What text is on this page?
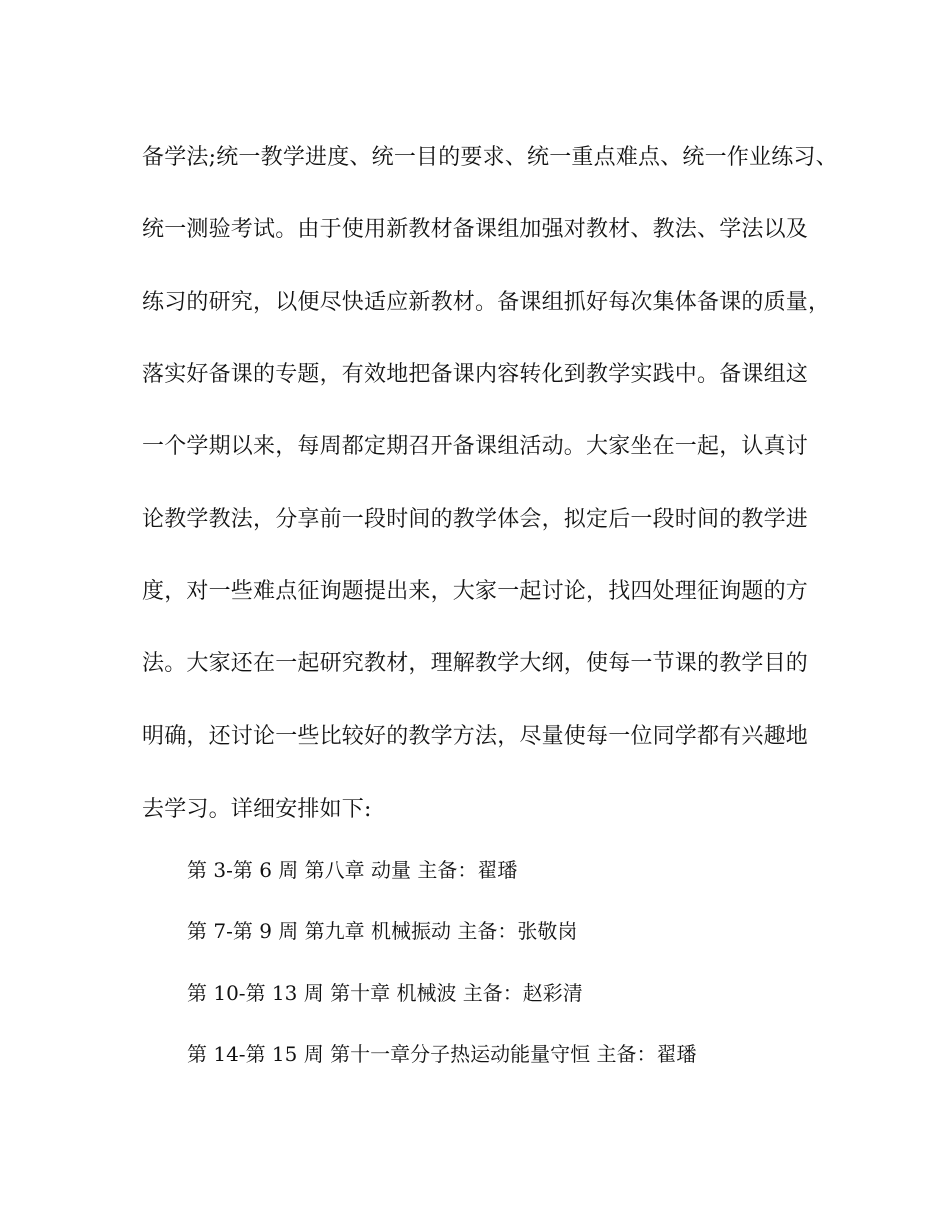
备学法;统一教学进度、统一目的要求、统一重点难点、统一作业练习、
统一测验考试。由于使用新教材备课组加强对教材、教法、学法以及
练习的研究，以便尽快适应新教材。备课组抓好每次集体备课的质量，
落实好备课的专题，有效地把备课内容转化到教学实践中。备课组这
一个学期以来，每周都定期召开备课组活动。大家坐在一起，认真讨
论教学教法，分享前一段时间的教学体会，拟定后一段时间的教学进
度，对一些难点征询题提出来，大家一起讨论，找四处理征询题的方
法。大家还在一起研究教材，理解教学大纲，使每一节课的教学目的
明确，还讨论一些比较好的教学方法，尽量使每一位同学都有兴趣地
去学习。详细安排如下:
第 3-第 6 周 第八章 动量 主备：翟璠
第 7-第 9 周 第九章 机械振动 主备：张敬岗
第 10-第 13 周 第十章 机械波 主备：赵彩清
第 14-第 15 周 第十一章分子热运动能量守恒 主备：翟璠
